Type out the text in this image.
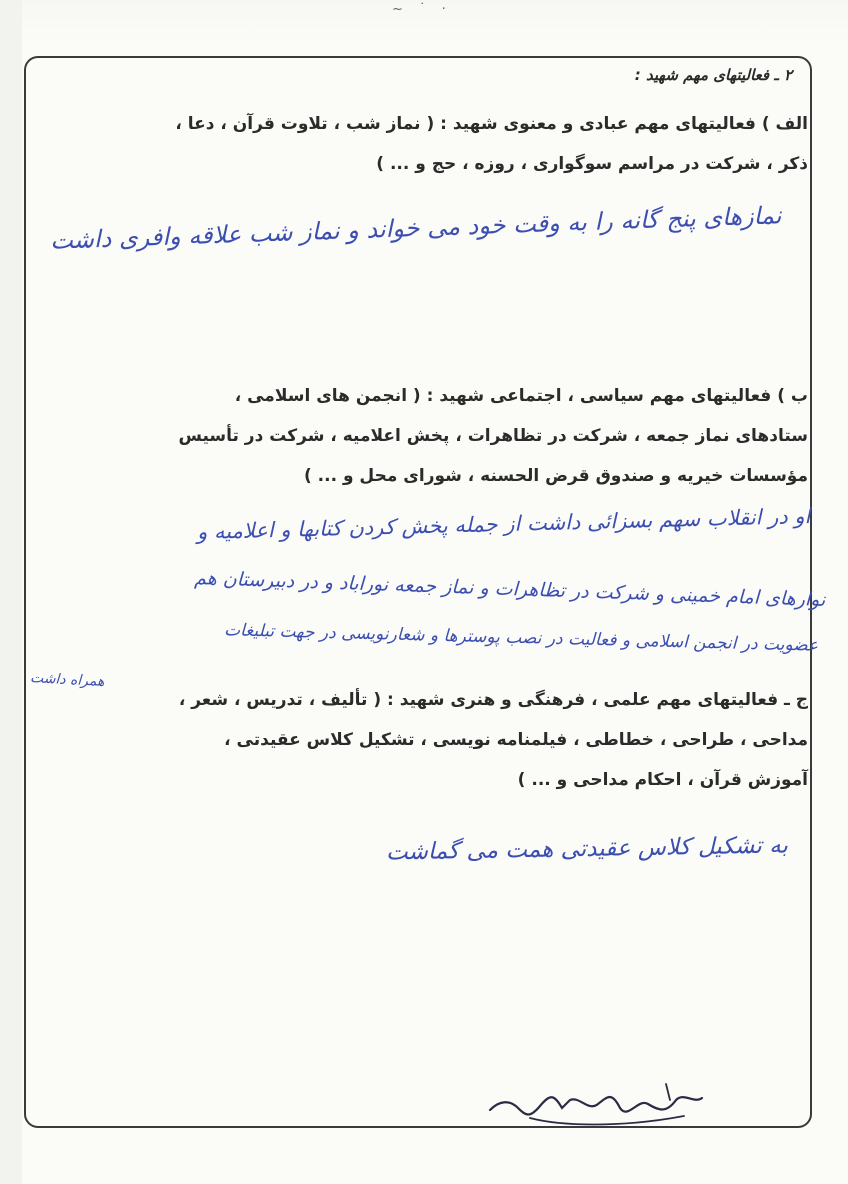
~ ˙ ·
۲ ـ فعالیتهای مهم شهید :

الف ) فعالیتهای مهم عبادی و معنوی شهید : ( نماز شب ، تلاوت قرآن ، دعا ،

ذکر ، شرکت در مراسم سوگواری ، روزه ، حج و ... )

نمازهای پنج گانه را به وقت خود می خواند و نماز شب علاقه وافری داشت

ب ) فعالیتهای مهم سیاسی ، اجتماعی شهید : ( انجمن های اسلامی ،

ستادهای نماز جمعه ، شرکت در تظاهرات ، پخش اعلامیه ، شرکت در تأسیس

مؤسسات خیریه و صندوق قرض الحسنه ، شورای محل و ... )

او در انقلاب سهم بسزائی داشت از جمله پخش کردن کتابها و اعلامیه و
نوارهای امام خمینی و شرکت در تظاهرات و نماز جمعه نوراباد و در دبیرستان هم
عضویت در انجمن اسلامی و فعالیت در نصب پوسترها و شعارنویسی در جهت تبلیغات
همراه داشت

ج ـ فعالیتهای مهم علمی ، فرهنگی و هنری شهید : ( تألیف ، تدریس ، شعر ،

مداحی ، طراحی ، خطاطی ، فیلمنامه نویسی ، تشکیل کلاس عقیدتی ،

آموزش قرآن ، احکام مداحی و ... )

به تشکیل کلاس عقیدتی همت می گماشت
